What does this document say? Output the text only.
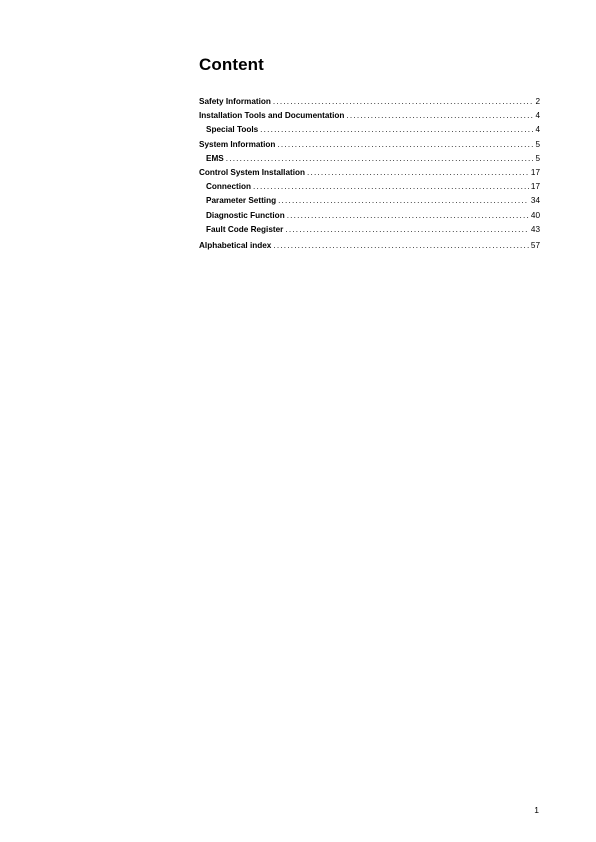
Content
Safety Information .....	2
Installation Tools and Documentation .....	4
Special Tools .....	4
System Information .....	5
EMS .....	5
Control System Installation .....	17
Connection .....	17
Parameter Setting .....	34
Diagnostic Function .....	40
Fault Code Register .....	43
Alphabetical index .....	57
1
